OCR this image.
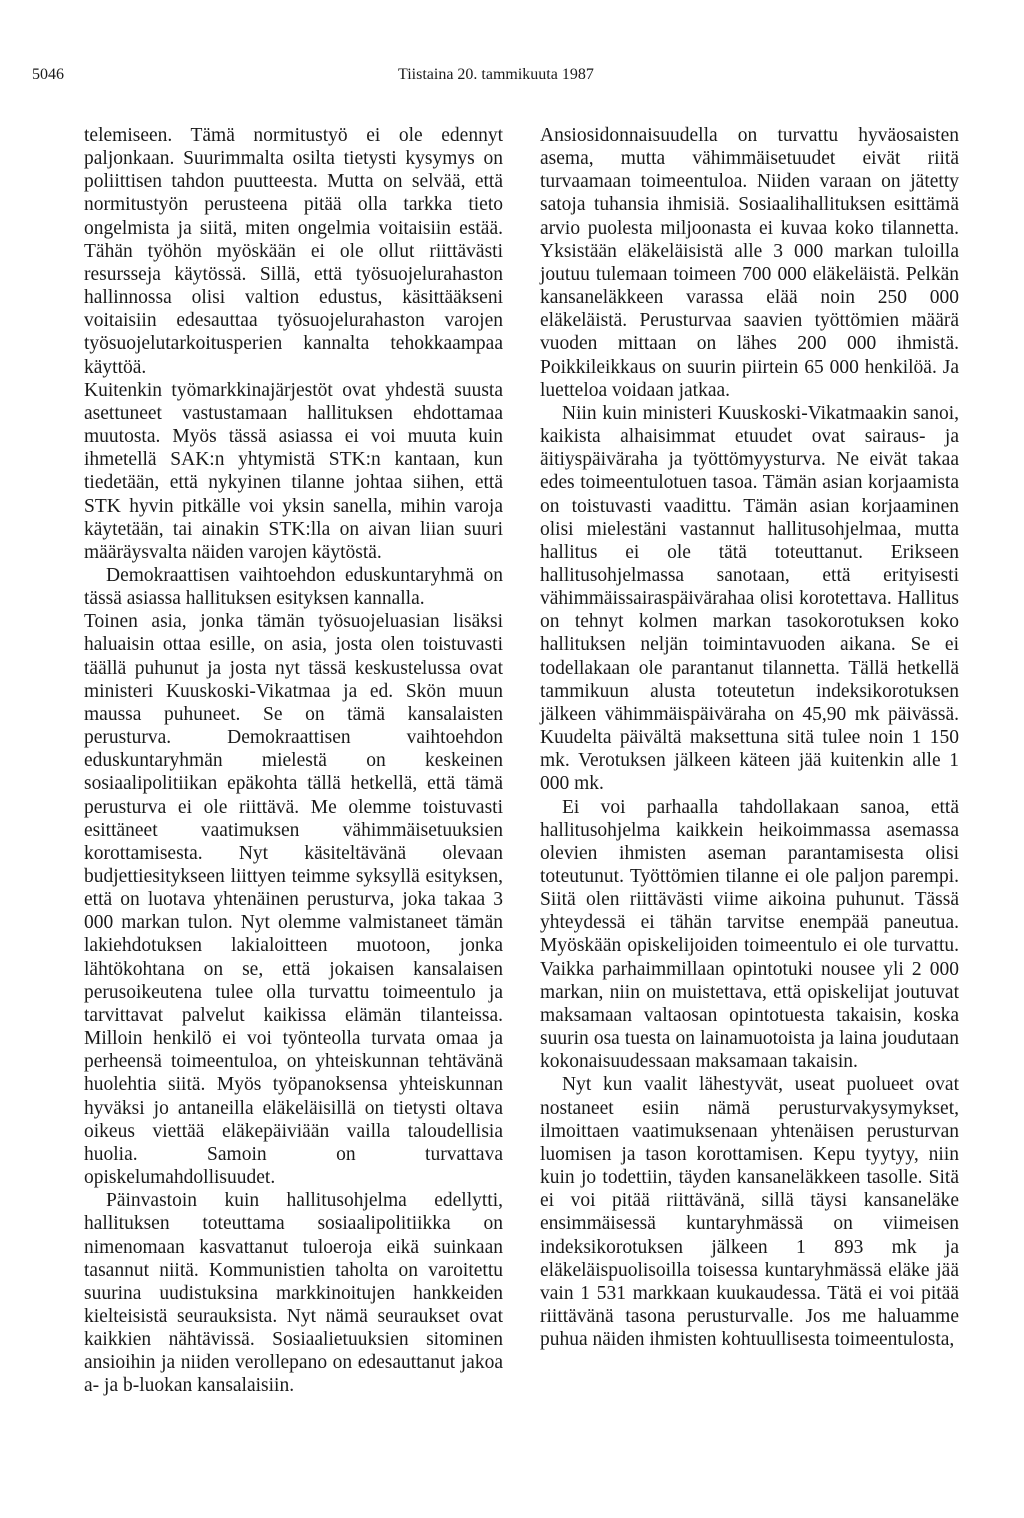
5046	Tiistaina 20. tammikuuta 1987

telemiseen. Tämä normitustyö ei ole edennyt paljonkaan. Suurimmalta osilta tietysti kysymys on poliittisen tahdon puutteesta. Mutta on selvää, että normitustyön perusteena pitää olla tarkka tieto ongelmista ja siitä, miten ongelmia voitaisiin estää. Tähän työhön myöskään ei ole ollut riittävästi resursseja käytössä. Sillä, että työsuojelurahaston hallinnossa olisi valtion edustus, käsittääkseni voitaisiin edesauttaa työsuojelurahaston varojen työsuojelutarkoitusperien kannalta tehokkaampaa käyttöä.

Kuitenkin työmarkkinajärjestöt ovat yhdestä suusta asettuneet vastustamaan hallituksen ehdottamaa muutosta. Myös tässä asiassa ei voi muuta kuin ihmetellä SAK:n yhtymistä STK:n kantaan, kun tiedetään, että nykyinen tilanne johtaa siihen, että STK hyvin pitkälle voi yksin sanella, mihin varoja käytetään, tai ainakin STK:lla on aivan liian suuri määräysvalta näiden varojen käytöstä.

Demokraattisen vaihtoehdon eduskuntaryhmä on tässä asiassa hallituksen esityksen kannalla.

Toinen asia, jonka tämän työsuojeluasian lisäksi haluaisin ottaa esille, on asia, josta olen toistuvasti täällä puhunut ja josta nyt tässä keskustelussa ovat ministeri Kuuskoski-Vikatmaa ja ed. Skön muun maussa puhuneet. Se on tämä kansalaisten perusturva. Demokraattisen vaihtoehdon eduskuntaryhmän mielestä on keskeinen sosiaalipolitiikan epäkohta tällä hetkellä, että tämä perusturva ei ole riittävä. Me olemme toistuvasti esittäneet vaatimuksen vähimmäisetuuksien korottamisesta. Nyt käsiteltävänä olevaan budjettiesitykseen liittyen teimme syksyllä esityksen, että on luotava yhtenäinen perusturva, joka takaa 3 000 markan tulon. Nyt olemme valmistaneet tämän lakiehdotuksen lakialoitteen muotoon, jonka lähtökohtana on se, että jokaisen kansalaisen perusoikeutena tulee olla turvattu toimeentulo ja tarvittavat palvelut kaikissa elämän tilanteissa. Milloin henkilö ei voi työnteolla turvata omaa ja perheensä toimeentuloa, on yhteiskunnan tehtävänä huolehtia siitä. Myös työpanoksensa yhteiskunnan hyväksi jo antaneilla eläkeläisillä on tietysti oltava oikeus viettää eläkepäiviään vailla taloudellisia huolia. Samoin on turvattava opiskelumahdollisuudet.

Päinvastoin kuin hallitusohjelma edellytti, hallituksen toteuttama sosiaalipolitiikka on nimenomaan kasvattanut tuloeroja eikä suinkaan tasannut niitä. Kommunistien taholta on varoitettu suurina uudistuksina markkinoitujen hankkeiden kielteisistä seurauksista. Nyt nämä seuraukset ovat kaikkien nähtävissä. Sosiaalietuuksien sitominen ansioihin ja niiden verollepano on edesauttanut jakoa a- ja b-luokan kansalaisiin.

Ansiosidonnaisuudella on turvattu hyväosaisten asema, mutta vähimmäisetuudet eivät riitä turvaamaan toimeentuloa. Niiden varaan on jätetty satoja tuhansia ihmisiä. Sosiaalihallituksen esittämä arvio puolesta miljoonasta ei kuvaa koko tilannetta. Yksistään eläkeläisistä alle 3 000 markan tuloilla joutuu tulemaan toimeen 700 000 eläkeläistä. Pelkän kansaneläkkeen varassa elää noin 250 000 eläkeläistä. Perusturvaa saavien työttömien määrä vuoden mittaan on lähes 200 000 ihmistä. Poikkileikkaus on suurin piirtein 65 000 henkilöä. Ja luetteloa voidaan jatkaa.

Niin kuin ministeri Kuuskoski-Vikatmaakin sanoi, kaikista alhaisimmat etuudet ovat sairaus- ja äitiyspäiväraha ja työttömyysturva. Ne eivät takaa edes toimeentulotuen tasoa. Tämän asian korjaamista on toistuvasti vaadittu. Tämän asian korjaaminen olisi mielestäni vastannut hallitusohjelmaa, mutta hallitus ei ole tätä toteuttanut. Erikseen hallitusohjelmassa sanotaan, että erityisesti vähimmäissairaspäivärahaa olisi korotettava. Hallitus on tehnyt kolmen markan tasokorotuksen koko hallituksen neljän toimintavuoden aikana. Se ei todellakaan ole parantanut tilannetta. Tällä hetkellä tammikuun alusta toteutetun indeksikorotuksen jälkeen vähimmäispäiväraha on 45,90 mk päivässä. Kuudelta päivältä maksettuna sitä tulee noin 1 150 mk. Verotuksen jälkeen käteen jää kuitenkin alle 1 000 mk.

Ei voi parhaalla tahdollakaan sanoa, että hallitusohjelma kaikkein heikoimmassa asemassa olevien ihmisten aseman parantamisesta olisi toteutunut. Työttömien tilanne ei ole paljon parempi. Siitä olen riittävästi viime aikoina puhunut. Tässä yhteydessä ei tähän tarvitse enempää paneutua. Myöskään opiskelijoiden toimeentulo ei ole turvattu. Vaikka parhaimmillaan opintotuki nousee yli 2 000 markan, niin on muistettava, että opiskelijat joutuvat maksamaan valtaosan opintotuesta takaisin, koska suurin osa tuesta on lainamuotoista ja laina joudutaan kokonaisuudessaan maksamaan takaisin.

Nyt kun vaalit lähestyvät, useat puolueet ovat nostaneet esiin nämä perusturvakysymykset, ilmoittaen vaatimuksenaan yhtenäisen perusturvan luomisen ja tason korottamisen. Kepu tyytyy, niin kuin jo todettiin, täyden kansaneläkkeen tasolle. Sitä ei voi pitää riittävänä, sillä täysi kansaneläke ensimmäisessä kuntaryhmässä on viimeisen indeksikorotuksen jälkeen 1 893 mk ja eläkeläispuolisoilla toisessa kuntaryhmässä eläke jää vain 1 531 markkaan kuukaudessa. Tätä ei voi pitää riittävänä tasona perusturvalle. Jos me haluamme puhua näiden ihmisten kohtuullisesta toimeentulosta,
